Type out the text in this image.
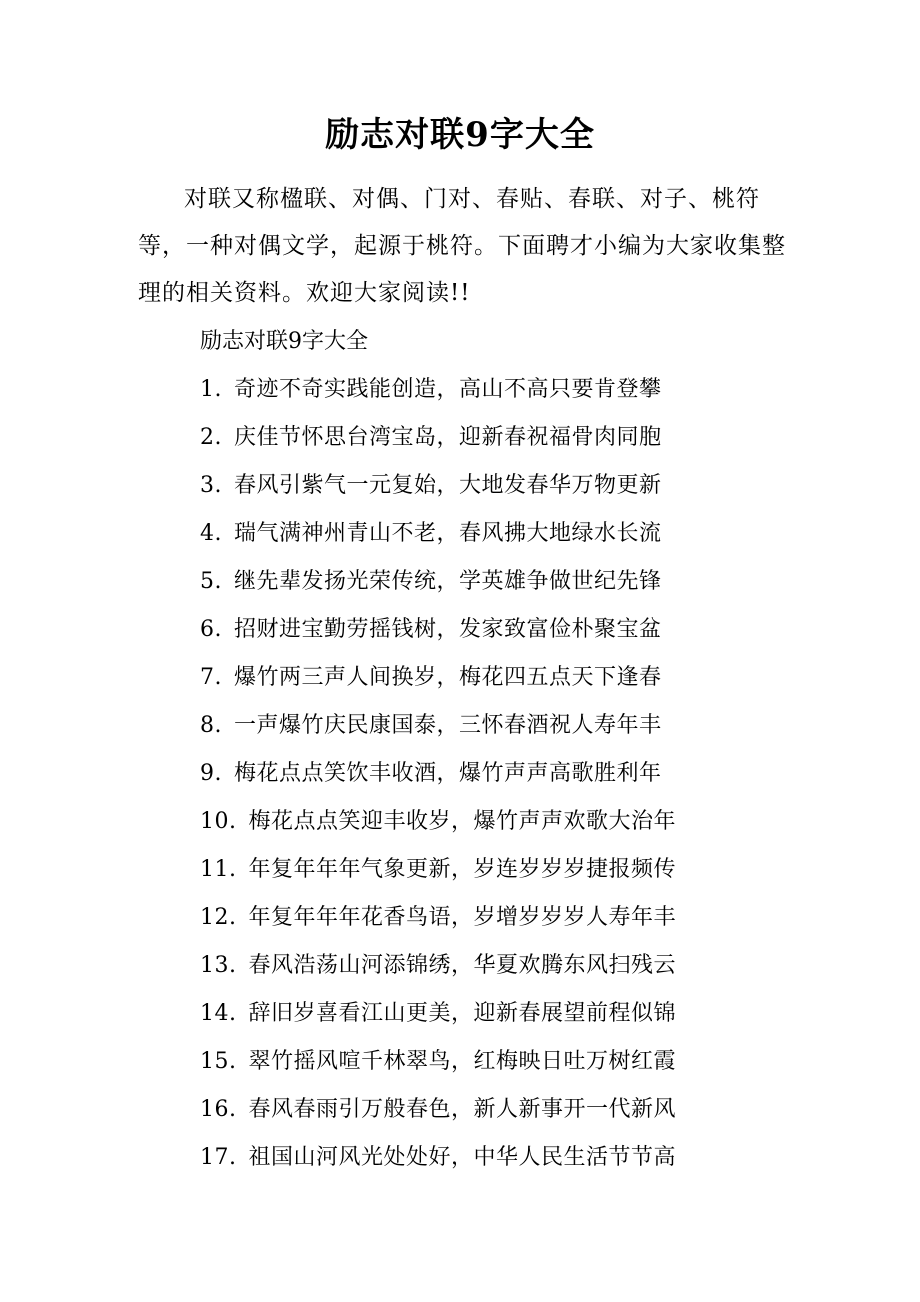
励志对联9字大全

对联又称楹联、对偶、门对、春贴、春联、对子、桃符等，一种对偶文学，起源于桃符。下面聘才小编为大家收集整理的相关资料。欢迎大家阅读!!

励志对联9字大全

1. 奇迹不奇实践能创造，高山不高只要肯登攀
2. 庆佳节怀思台湾宝岛，迎新春祝福骨肉同胞
3. 春风引紫气一元复始，大地发春华万物更新
4. 瑞气满神州青山不老，春风拂大地绿水长流
5. 继先辈发扬光荣传统，学英雄争做世纪先锋
6. 招财进宝勤劳摇钱树，发家致富俭朴聚宝盆
7. 爆竹两三声人间换岁，梅花四五点天下逢春
8. 一声爆竹庆民康国泰，三怀春酒祝人寿年丰
9. 梅花点点笑饮丰收酒，爆竹声声高歌胜利年
10. 梅花点点笑迎丰收岁，爆竹声声欢歌大治年
11. 年复年年年气象更新，岁连岁岁岁捷报频传
12. 年复年年年花香鸟语，岁增岁岁岁人寿年丰
13. 春风浩荡山河添锦绣，华夏欢腾东风扫残云
14. 辞旧岁喜看江山更美，迎新春展望前程似锦
15. 翠竹摇风喧千林翠鸟，红梅映日吐万树红霞
16. 春风春雨引万般春色，新人新事开一代新风
17. 祖国山河风光处处好，中华人民生活节节高
